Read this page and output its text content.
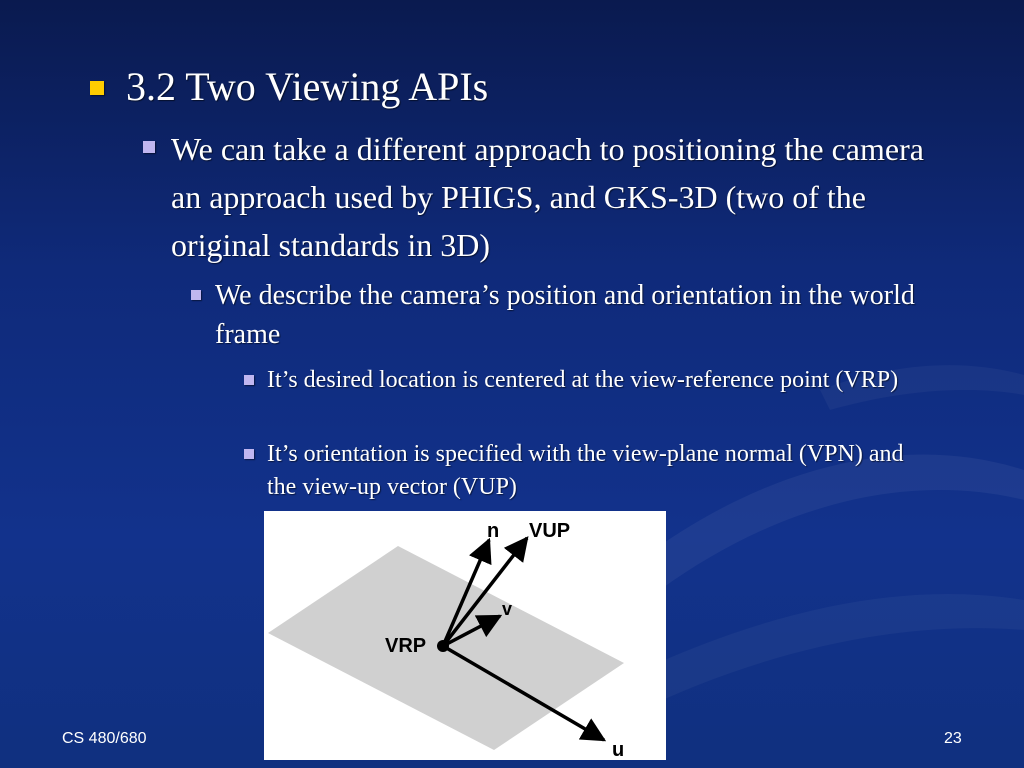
3.2 Two Viewing APIs
We can take a different approach to positioning the camera an approach used by PHIGS, and GKS-3D (two of the original standards in 3D)
We describe the camera’s position and orientation in the world frame
It’s desired location is centered at the view-reference point (VRP)
It’s orientation is specified with the view-plane normal (VPN) and the view-up vector (VUP)
n VUP
v
VRP
u
CS 480/680	23
